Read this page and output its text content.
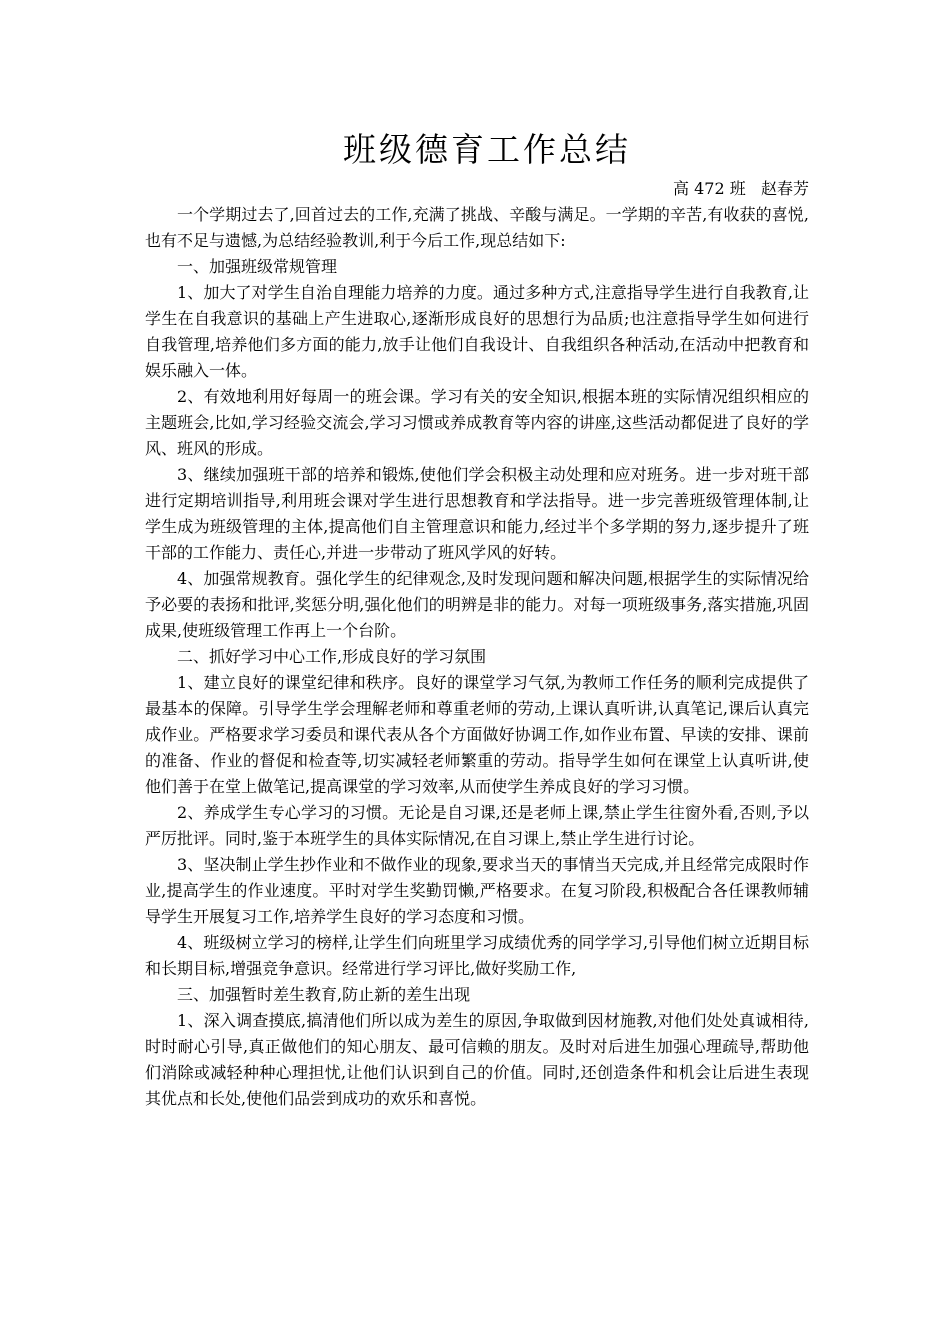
班级德育工作总结
高 472 班   赵春芳

一个学期过去了,回首过去的工作,充满了挑战、辛酸与满足。一学期的辛苦,有收获的喜悦,也有不足与遗憾,为总结经验教训,利于今后工作,现总结如下:

一、加强班级常规管理

1、加大了对学生自治自理能力培养的力度。通过多种方式,注意指导学生进行自我教育,让学生在自我意识的基础上产生进取心,逐渐形成良好的思想行为品质;也注意指导学生如何进行自我管理,培养他们多方面的能力,放手让他们自我设计、自我组织各种活动,在活动中把教育和娱乐融入一体。

2、有效地利用好每周一的班会课。学习有关的安全知识,根据本班的实际情况组织相应的主题班会,比如,学习经验交流会,学习习惯或养成教育等内容的讲座,这些活动都促进了良好的学风、班风的形成。

3、继续加强班干部的培养和锻炼,使他们学会积极主动处理和应对班务。进一步对班干部进行定期培训指导,利用班会课对学生进行思想教育和学法指导。进一步完善班级管理体制,让学生成为班级管理的主体,提高他们自主管理意识和能力,经过半个多学期的努力,逐步提升了班干部的工作能力、责任心,并进一步带动了班风学风的好转。

4、加强常规教育。强化学生的纪律观念,及时发现问题和解决问题,根据学生的实际情况给予必要的表扬和批评,奖惩分明,强化他们的明辨是非的能力。对每一项班级事务,落实措施,巩固成果,使班级管理工作再上一个台阶。

二、抓好学习中心工作,形成良好的学习氛围

1、建立良好的课堂纪律和秩序。良好的课堂学习气氛,为教师工作任务的顺利完成提供了最基本的保障。引导学生学会理解老师和尊重老师的劳动,上课认真听讲,认真笔记,课后认真完成作业。严格要求学习委员和课代表从各个方面做好协调工作,如作业布置、早读的安排、课前的准备、作业的督促和检查等,切实减轻老师繁重的劳动。指导学生如何在课堂上认真听讲,使他们善于在堂上做笔记,提高课堂的学习效率,从而使学生养成良好的学习习惯。

2、养成学生专心学习的习惯。无论是自习课,还是老师上课,禁止学生往窗外看,否则,予以严厉批评。同时,鉴于本班学生的具体实际情况,在自习课上,禁止学生进行讨论。

3、坚决制止学生抄作业和不做作业的现象,要求当天的事情当天完成,并且经常完成限时作业,提高学生的作业速度。平时对学生奖勤罚懒,严格要求。在复习阶段,积极配合各任课教师辅导学生开展复习工作,培养学生良好的学习态度和习惯。

4、班级树立学习的榜样,让学生们向班里学习成绩优秀的同学学习,引导他们树立近期目标和长期目标,增强竞争意识。经常进行学习评比,做好奖励工作,

三、加强暂时差生教育,防止新的差生出现

1、深入调查摸底,搞清他们所以成为差生的原因,争取做到因材施教,对他们处处真诚相待,时时耐心引导,真正做他们的知心朋友、最可信赖的朋友。及时对后进生加强心理疏导,帮助他们消除或减轻种种心理担忧,让他们认识到自己的价值。同时,还创造条件和机会让后进生表现其优点和长处,使他们品尝到成功的欢乐和喜悦。
